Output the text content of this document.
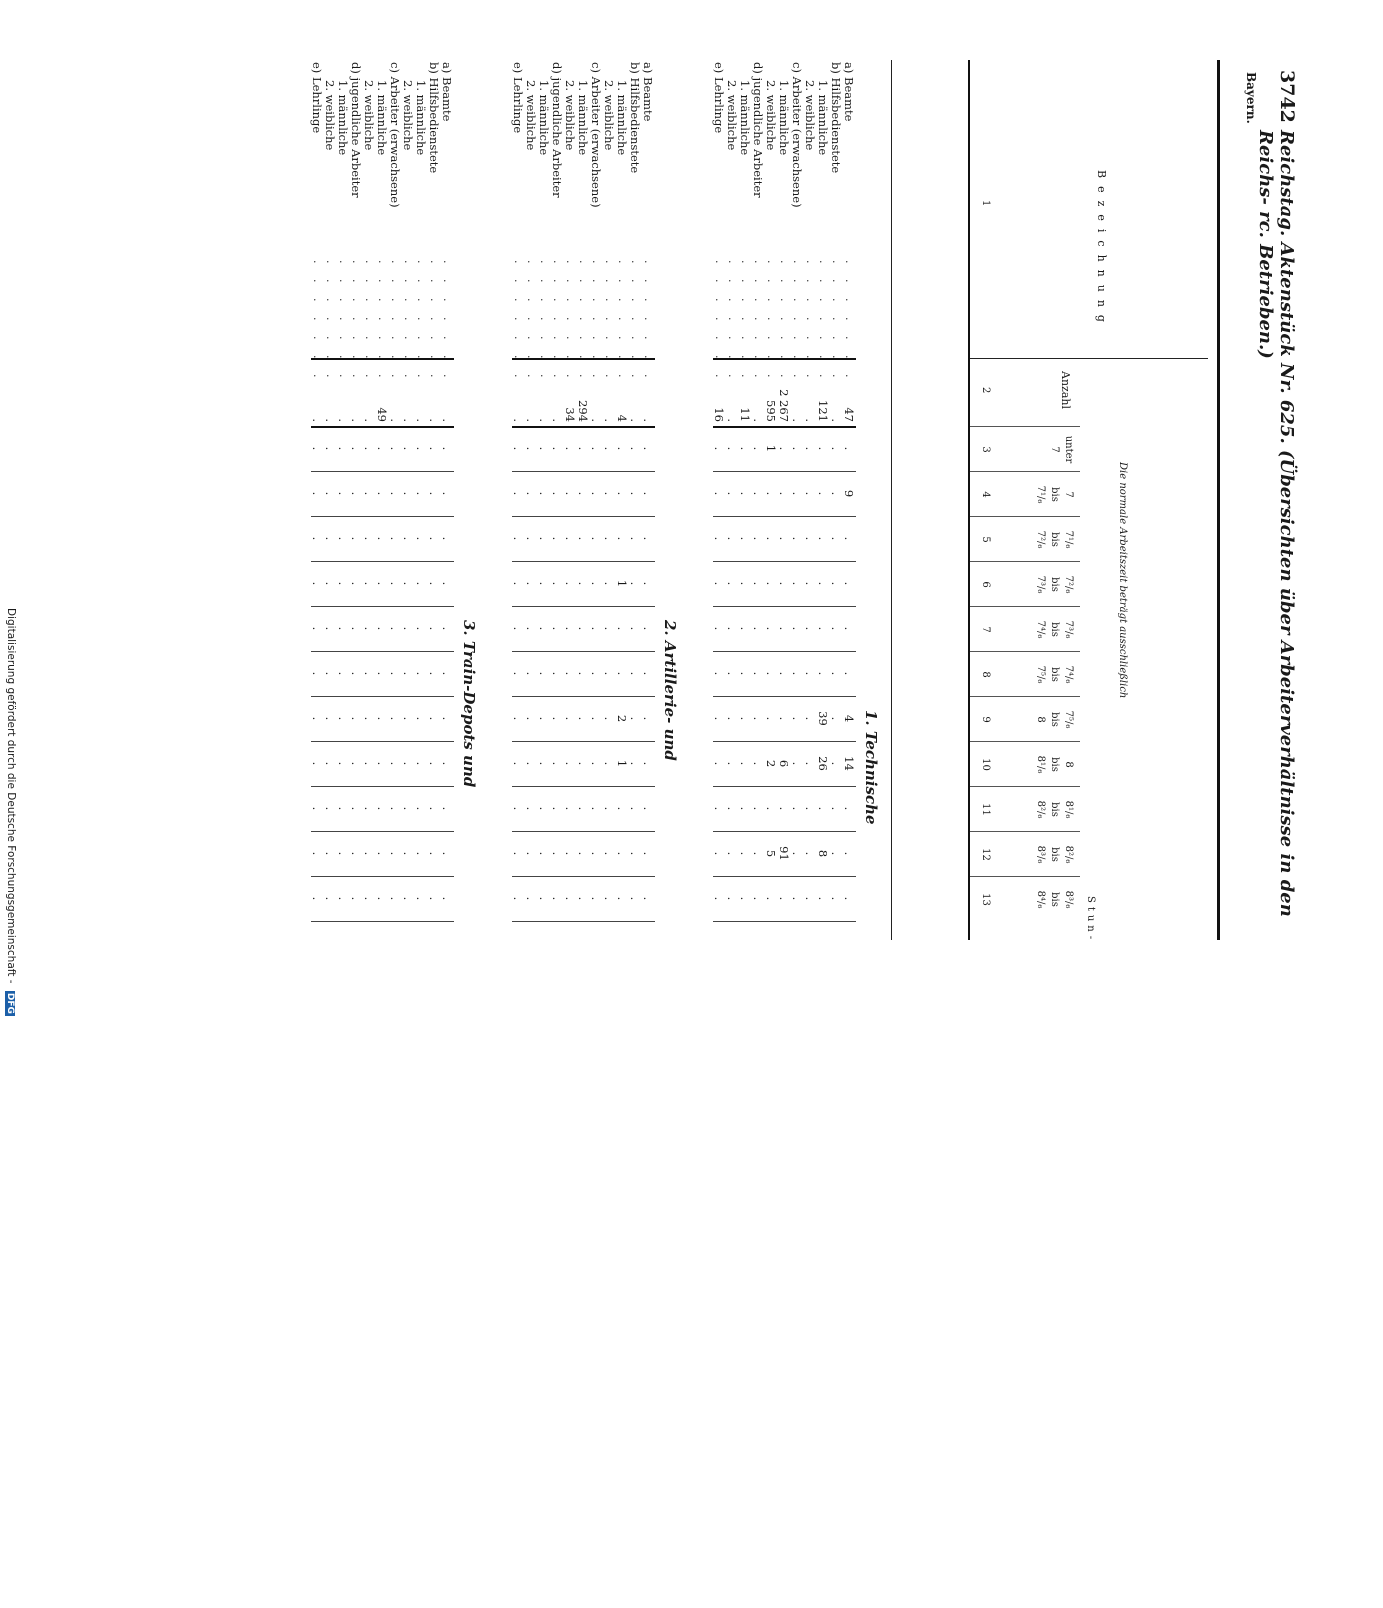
3742
Reichstag. Aktenstück Nr. 625. (Übersichten über Arbeiterverhältnisse in den Reichs- rc. Betrieben.)
Bayern.
Bezeichnung
1
Anzahl
2
Die normale Arbeitszeit beträgt ausschließlich
Stun-
unter
7
3
7
bis
7¹/₆
4
7¹/₆
bis
7²/₆
5
7²/₆
bis
7³/₆
6
7³/₆
bis
7⁴/₆
7
7⁴/₆
bis
7⁵/₆
8
7⁵/₆
bis
8
9
8
bis
8¹/₆
10
8¹/₆
bis
8²/₆
11
8²/₆
bis
8³/₆
12
8³/₆
bis
8⁴/₆
13
1. Technische
a) Beamte
. . . . . . .
47
.
9
.
.
.
.
4
14
.
.
.
b) Hilfsbedienstete
. . . . . . .
.
.
.
.
.
.
.
.
.
.
.
.
1. männliche
. . . . . . .
121
.
.
.
.
.
.
39
26
.
8
.
2. weibliche
. . . . . . .
.
.
.
.
.
.
.
.
.
.
.
.
c) Arbeiter (erwachsene)
. . . . . . .
.
.
.
.
.
.
.
.
.
.
.
.
1. männliche
. . . . . . .
2 267
.
.
.
.
.
.
.
6
.
91
.
2. weibliche
. . . . . . .
595
1
.
.
.
.
.
.
2
.
5
.
d) jugendliche Arbeiter
. . . . . . .
.
.
.
.
.
.
.
.
.
.
.
.
1. männliche
. . . . . . .
11
.
.
.
.
.
.
.
.
.
.
.
2. weibliche
. . . . . . .
.
.
.
.
.
.
.
.
.
.
.
.
e) Lehrlinge
. . . . . . .
16
.
.
.
.
.
.
.
.
.
.
.
2. Artillerie- und
a) Beamte
. . . . . . .
.
.
.
.
.
.
.
.
.
.
.
.
b) Hilfsbedienstete
. . . . . . .
.
.
.
.
.
.
.
.
.
.
.
.
1. männliche
. . . . . . .
4
.
.
.
1
.
.
2
1
.
.
.
2. weibliche
. . . . . . .
.
.
.
.
.
.
.
.
.
.
.
.
c) Arbeiter (erwachsene)
. . . . . . .
.
.
.
.
.
.
.
.
.
.
.
.
1. männliche
. . . . . . .
294
.
.
.
.
.
.
.
.
.
.
.
2. weibliche
. . . . . . .
34
.
.
.
.
.
.
.
.
.
.
.
d) jugendliche Arbeiter
. . . . . . .
.
.
.
.
.
.
.
.
.
.
.
.
1. männliche
. . . . . . .
.
.
.
.
.
.
.
.
.
.
.
.
2. weibliche
. . . . . . .
.
.
.
.
.
.
.
.
.
.
.
.
e) Lehrlinge
. . . . . . .
.
.
.
.
.
.
.
.
.
.
.
.
3. Train-Depots und
a) Beamte
. . . . . . .
.
.
.
.
.
.
.
.
.
.
.
.
b) Hilfsbedienstete
. . . . . . .
.
.
.
.
.
.
.
.
.
.
.
.
1. männliche
. . . . . . .
.
.
.
.
.
.
.
.
.
.
.
.
2. weibliche
. . . . . . .
.
.
.
.
.
.
.
.
.
.
.
.
c) Arbeiter (erwachsene)
. . . . . . .
.
.
.
.
.
.
.
.
.
.
.
.
1. männliche
. . . . . . .
49
.
.
.
.
.
.
.
.
.
.
.
2. weibliche
. . . . . . .
.
.
.
.
.
.
.
.
.
.
.
.
d) jugendliche Arbeiter
. . . . . . .
.
.
.
.
.
.
.
.
.
.
.
.
1. männliche
. . . . . . .
.
.
.
.
.
.
.
.
.
.
.
.
2. weibliche
. . . . . . .
.
.
.
.
.
.
.
.
.
.
.
.
e) Lehrlinge
. . . . . . .
.
.
.
.
.
.
.
.
.
.
.
.
Digitalisierung gefördert durch die Deutsche Forschungsgemeinschaft - DFG
